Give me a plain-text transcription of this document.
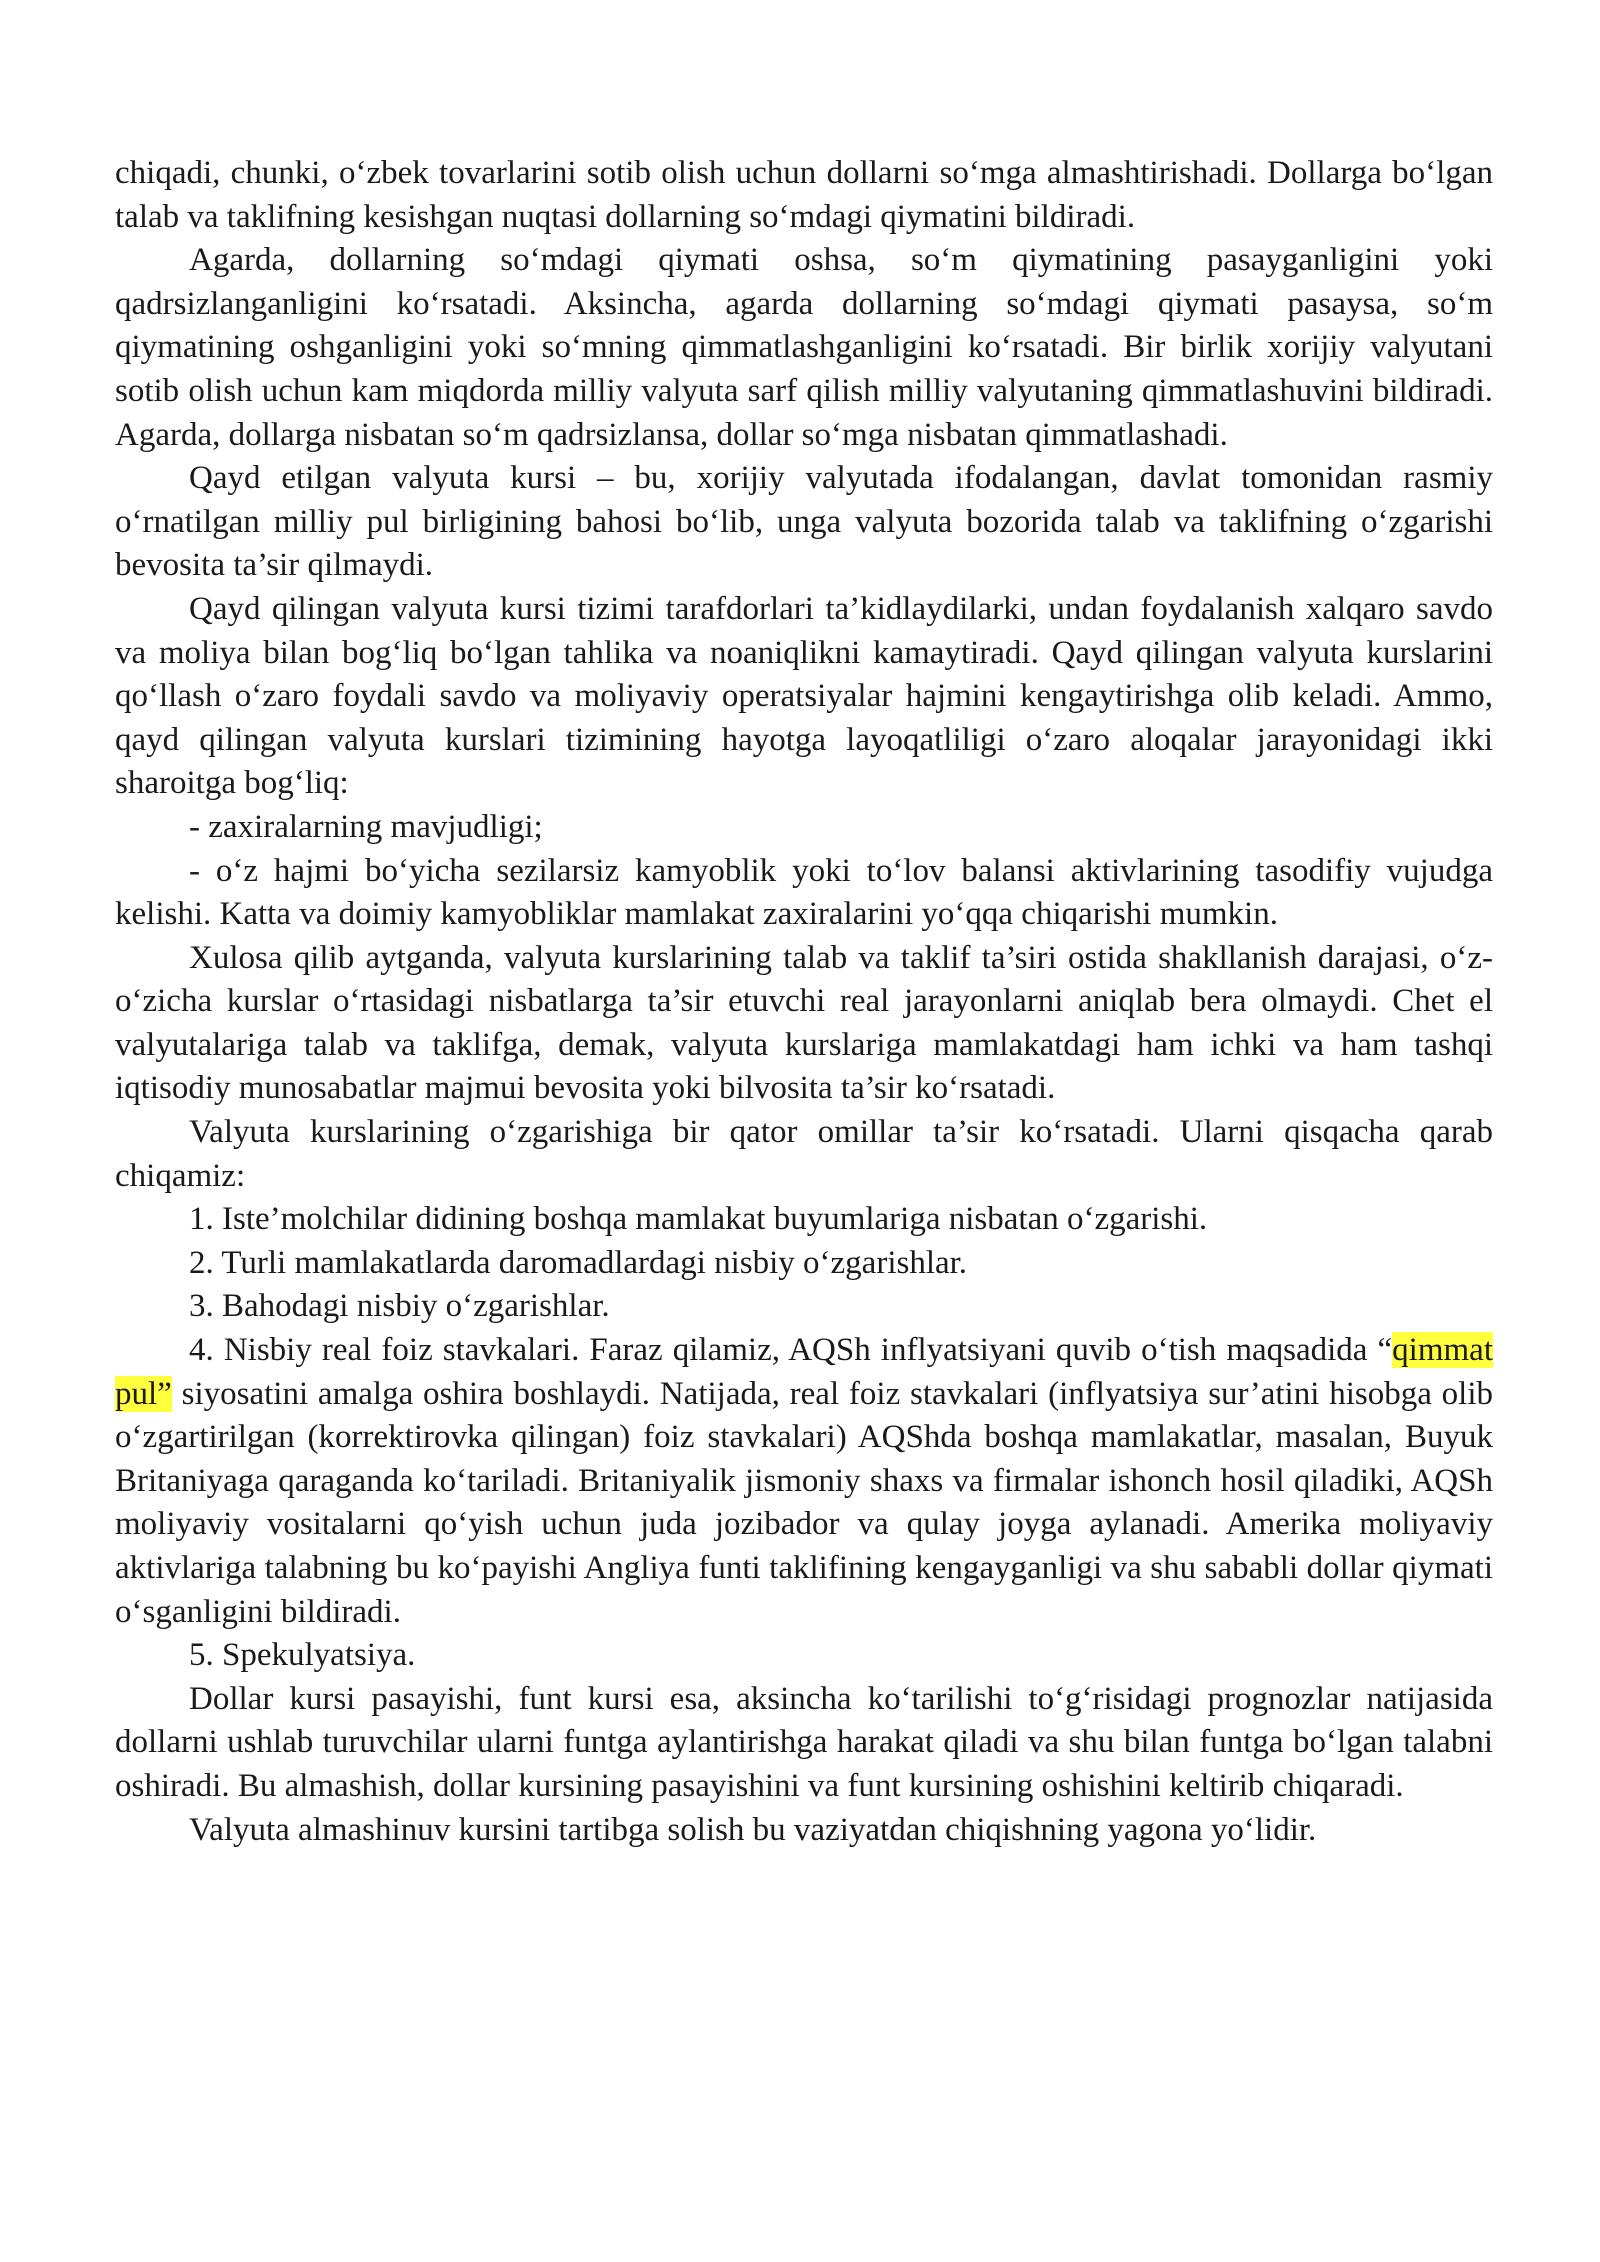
chiqadi, chunki, o‘zbek tovarlarini sotib olish uchun dollarni so‘mga almashtirishadi. Dollarga bo‘lgan talab va taklifning kesishgan nuqtasi dollarning so‘mdagi qiymatini bildiradi.

Agarda, dollarning so‘mdagi qiymati oshsa, so‘m qiymatining pasayganligini yoki qadrsizlanganligini ko‘rsatadi. Aksincha, agarda dollarning so‘mdagi qiymati pasaysa, so‘m qiymatining oshganligini yoki so‘mning qimmatlashganligini ko‘rsatadi. Bir birlik xorijiy valyutani sotib olish uchun kam miqdorda milliy valyuta sarf qilish milliy valyutaning qimmatlashuvini bildiradi. Agarda, dollarga nisbatan so‘m qadrsizlansa, dollar so‘mga nisbatan qimmatlashadi.

Qayd etilgan valyuta kursi – bu, xorijiy valyutada ifodalangan, davlat tomonidan rasmiy o‘rnatilgan milliy pul birligining bahosi bo‘lib, unga valyuta bozorida talab va taklifning o‘zgarishi bevosita ta’sir qilmaydi.

Qayd qilingan valyuta kursi tizimi tarafdorlari ta’kidlaydilarki, undan foydalanish xalqaro savdo va moliya bilan bog‘liq bo‘lgan tahlika va noaniqlikni kamaytiradi. Qayd qilingan valyuta kurslarini qo‘llash o‘zaro foydali savdo va moliyaviy operatsiyalar hajmini kengaytirishga olib keladi. Ammo, qayd qilingan valyuta kurslari tizimining hayotga layoqatliligi o‘zaro aloqalar jarayonidagi ikki sharoitga bog‘liq:

- zaxiralarning mavjudligi;

- o‘z hajmi bo‘yicha sezilarsiz kamyoblik yoki to‘lov balansi aktivlarining tasodifiy vujudga kelishi. Katta va doimiy kamyobliklar mamlakat zaxiralarini yo‘qqa chiqarishi mumkin.

Xulosa qilib aytganda, valyuta kurslarining talab va taklif ta’siri ostida shakllanish darajasi, o‘z-o‘zicha kurslar o‘rtasidagi nisbatlarga ta’sir etuvchi real jarayonlarni aniqlab bera olmaydi. Chet el valyutalariga talab va taklifga, demak, valyuta kurslariga mamlakatdagi ham ichki va ham tashqi iqtisodiy munosabatlar majmui bevosita yoki bilvosita ta’sir ko‘rsatadi.

Valyuta kurslarining o‘zgarishiga bir qator omillar ta’sir ko‘rsatadi. Ularni qisqacha qarab chiqamiz:

1. Iste’molchilar didining boshqa mamlakat buyumlariga nisbatan o‘zgarishi.

2. Turli mamlakatlarda daromadlardagi nisbiy o‘zgarishlar.

3. Bahodagi nisbiy o‘zgarishlar.

4. Nisbiy real foiz stavkalari. Faraz qilamiz, AQSh inflyatsiyani quvib o‘tish maqsadida “qimmat pul” siyosatini amalga oshira boshlaydi. Natijada, real foiz stavkalari (inflyatsiya sur’atini hisobga olib o‘zgartirilgan (korrektirovka qilingan) foiz stavkalari) AQShda boshqa mamlakatlar, masalan, Buyuk Britaniyaga qaraganda ko‘tariladi. Britaniyalik jismoniy shaxs va firmalar ishonch hosil qiladiki, AQSh moliyaviy vositalarni qo‘yish uchun juda jozibador va qulay joyga aylanadi. Amerika moliyaviy aktivlariga talabning bu ko‘payishi Angliya funti taklifining kengayganligi va shu sababli dollar qiymati o‘sganligini bildiradi.

5. Spekulyatsiya.

Dollar kursi pasayishi, funt kursi esa, aksincha ko‘tarilishi to‘g‘risidagi prognozlar natijasida dollarni ushlab turuvchilar ularni funtga aylantirishga harakat qiladi va shu bilan funtga bo‘lgan talabni oshiradi. Bu almashish, dollar kursining pasayishini va funt kursining oshishini keltirib chiqaradi.

Valyuta almashinuv kursini tartibga solish bu vaziyatdan chiqishning yagona yo‘lidir.
